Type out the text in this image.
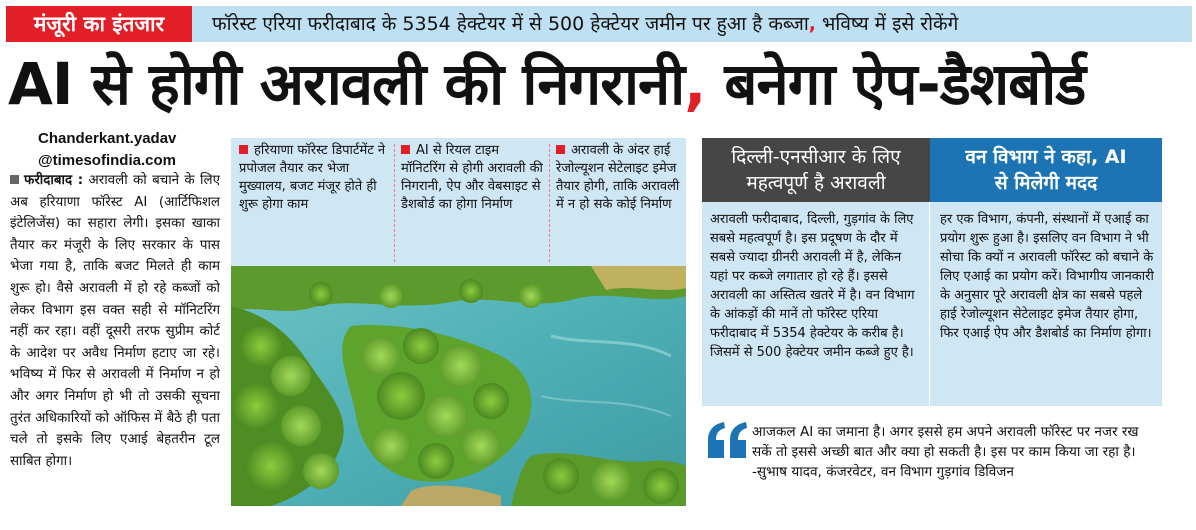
मंजूरी का इंतजार	फॉरेस्ट एरिया फरीदाबाद के 5354 हेक्टेयर में से 500 हेक्टेयर जमीन पर हुआ है कब्जा, भविष्य में इसे रोकेंगे
AI से होगी अरावली की निगरानी, बनेगा ऐप-डैशबोर्ड
Chanderkant.yadav
@timesofindia.com
फरीदाबाद : अरावली को बचाने के लिए अब हरियाणा फॉरेस्ट AI (आर्टिफिशल इंटेलिजेंस) का सहारा लेगी। इसका खाका तैयार कर मंजूरी के लिए सरकार के पास भेजा गया है, ताकि बजट मिलते ही काम शुरू हो। वैसे अरावली में हो रहे कब्जों को लेकर विभाग इस वक्त सही से मॉनिटरिंग नहीं कर रहा। वहीं दूसरी तरफ सुप्रीम कोर्ट के आदेश पर अवैध निर्माण हटाए जा रहे। भविष्य में फिर से अरावली में निर्माण न हो और अगर निर्माण हो भी तो उसकी सूचना तुरंत अधिकारियों को ऑफिस में बैठे ही पता चले तो इसके लिए एआई बेहतरीन टूल साबित होगा।
हरियाणा फॉरेस्ट डिपार्टमेंट ने प्रपोजल तैयार कर भेजा मुख्यालय, बजट मंजूर होते ही शुरू होगा काम
AI से रियल टाइम मॉनिटरिंग से होगी अरावली की निगरानी, ऐप और वेबसाइट से डैशबोर्ड का होगा निर्माण
अरावली के अंदर हाई रेजोल्यूशन सेटेलाइट इमेज तैयार होगी, ताकि अरावली में न हो सके कोई निर्माण
दिल्ली-एनसीआर के लिए
महत्वपूर्ण है अरावली
वन विभाग ने कहा, AI
से मिलेगी मदद
अरावली फरीदाबाद, दिल्ली, गुड़गांव के लिए सबसे महत्वपूर्ण है। इस प्रदूषण के दौर में सबसे ज्यादा ग्रीनरी अरावली में है, लेकिन यहां पर कब्जे लगातार हो रहे हैं। इससे अरावली का अस्तित्व खतरे में है। वन विभाग के आंकड़ों की मानें तो फॉरेस्ट एरिया फरीदाबाद में 5354 हेक्टेयर के करीब है। जिसमें से 500 हेक्टेयर जमीन कब्जे हुए है।
हर एक विभाग, कंपनी, संस्थानों में एआई का प्रयोग शुरू हुआ है। इसलिए वन विभाग ने भी सोचा कि क्यों न अरावली फॉरेस्ट को बचाने के लिए एआई का प्रयोग करें। विभागीय जानकारी के अनुसार पूरे अरावली क्षेत्र का सबसे पहले हाई रेजोल्यूशन सेटेलाइट इमेज तैयार होगा, फिर एआई ऐप और डैशबोर्ड का निर्माण होगा।
आजकल AI का जमाना है। अगर इससे हम अपने अरावली फॉरेस्ट पर नजर रख सकें तो इससे अच्छी बात और क्या हो सकती है। इस पर काम किया जा रहा है। -सुभाष यादव, कंजरवेटर, वन विभाग गुड़गांव डिविजन
